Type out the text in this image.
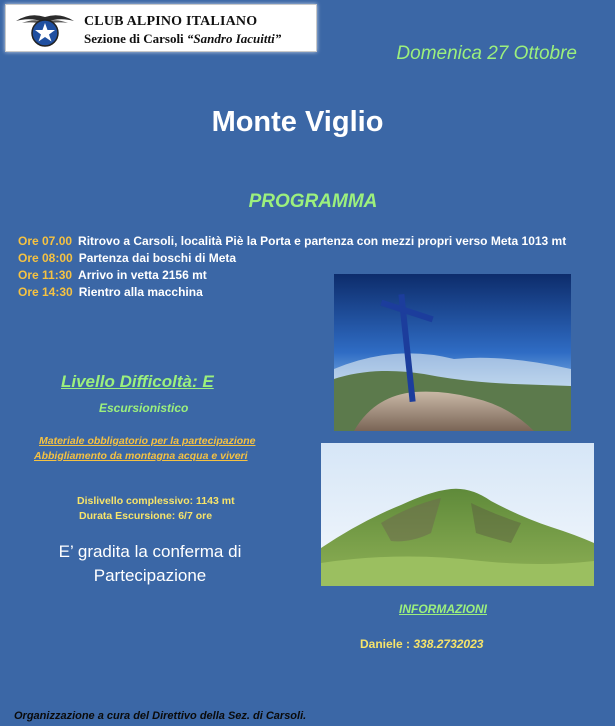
CLUB ALPINO ITALIANO
Sezione di Carsoli “Sandro Iacuitti”
Domenica 27 Ottobre
Monte Viglio
PROGRAMMA
Ore 07.00 Ritrovo a Carsoli, località Piè la Porta e partenza con mezzi propri verso Meta 1013 mt
Ore 08:00 Partenza dai boschi di Meta
Ore 11:30 Arrivo in vetta 2156 mt
Ore 14:30 Rientro alla macchina
Livello Difficoltà: E
Escursionistico
Materiale obbligatorio per la partecipazione
Abbigliamento da montagna acqua e viveri
Dislivello complessivo: 1143 mt
Durata Escursione: 6/7 ore
E’ gradita la conferma di
Partecipazione
INFORMAZIONI
Daniele : 338.2732023
Organizzazione a cura del Direttivo della Sez. di Carsoli.
